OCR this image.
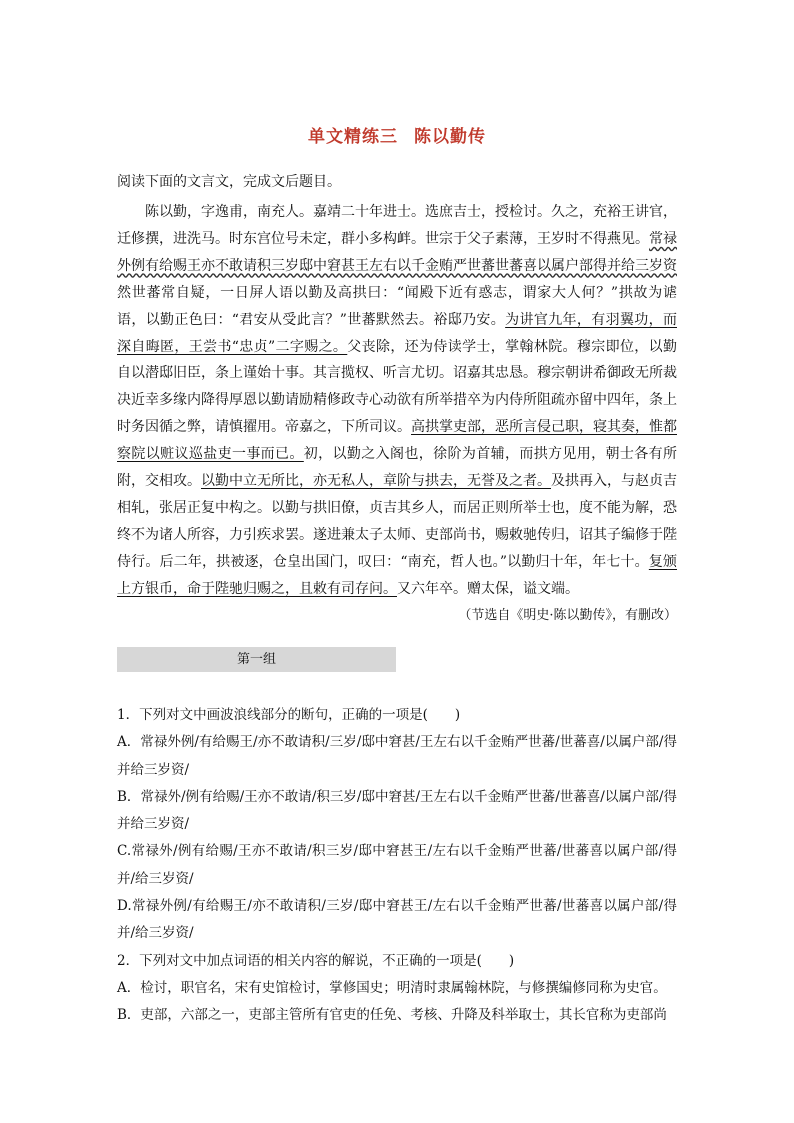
单文精练三 陈以勤传
阅读下面的文言文，完成文后题目。

陈以勤，字逸甫，南充人。嘉靖二十年进士。选庶吉士，授检讨。久之，充裕王讲官，迁修撰，进洗马。时东宫位号未定，群小多构衅。世宗于父子素薄，王岁时不得燕见。常禄外例有给赐王亦不敢请积三岁邸中窘甚王左右以千金贿严世蕃世蕃喜以属户部得并给三岁资然世蕃常自疑，一日屏人语以勤及高拱曰：“闻殿下近有惑志，谓家大人何？”拱故为谑语，以勤正色曰：“君安从受此言？”世蕃默然去。裕邸乃安。为讲官九年，有羽翼功，而深自晦匿，王尝书“忠贞”二字赐之。父丧除，还为侍读学士，掌翰林院。穆宗即位，以勤自以潜邸旧臣，条上谨始十事。其言揽权、听言尤切。诏嘉其忠恳。穆宗朝讲希御政无所裁决近幸多缘内降得厚恩以勤请励精修政寺心动欲有所举措卒为内侍所阻疏亦留中四年，条上时务因循之弊，请慎擢用。帝嘉之，下所司议。高拱掌吏部，恶所言侵己职，寝其奏，惟都察院以赃议巡盐吏一事而已。初，以勤之入阁也，徐阶为首辅，而拱方见用，朝士各有所附，交相攻。以勤中立无所比，亦无私人，章阶与拱去，无誉及之者。及拱再入，与赵贞吉相轧，张居正复中构之。以勤与拱旧僚，贞吉其乡人，而居正则所举士也，度不能为解，恐终不为诸人所容，力引疾求罢。遂进兼太子太师、吏部尚书，赐敕驰传归，诏其子编修于陛侍行。后二年，拱被逐，仓皇出国门，叹曰：“南充，哲人也。”以勤归十年，年七十。复颁上方银币，命于陛驰归赐之，且敕有司存问。又六年卒。赠太保，谥文端。

（节选自《明史·陈以勤传》，有删改）
第一组

1．下列对文中画波浪线部分的断句，正确的一项是(　　)

A．常禄外例/有给赐王/亦不敢请积/三岁/邸中窘甚/王左右以千金贿严世蕃/世蕃喜/以属户部/得并给三岁资/

B．常禄外/例有给赐/王亦不敢请/积三岁/邸中窘甚/王左右以千金贿严世蕃/世蕃喜/以属户部/得并给三岁资/

C.常禄外/例有给赐/王亦不敢请/积三岁/邸中窘甚王/左右以千金贿严世蕃/世蕃喜以属户部/得并/给三岁资/

D.常禄外例/有给赐王/亦不敢请积/三岁/邸中窘甚王/左右以千金贿严世蕃/世蕃喜以属户部/得并/给三岁资/

2．下列对文中加点词语的相关内容的解说，不正确的一项是(　　)

A．检讨，职官名，宋有史馆检讨，掌修国史；明清时隶属翰林院，与修撰编修同称为史官。

B．吏部，六部之一，吏部主管所有官吏的任免、考核、升降及科举取士，其长官称为吏部尚
